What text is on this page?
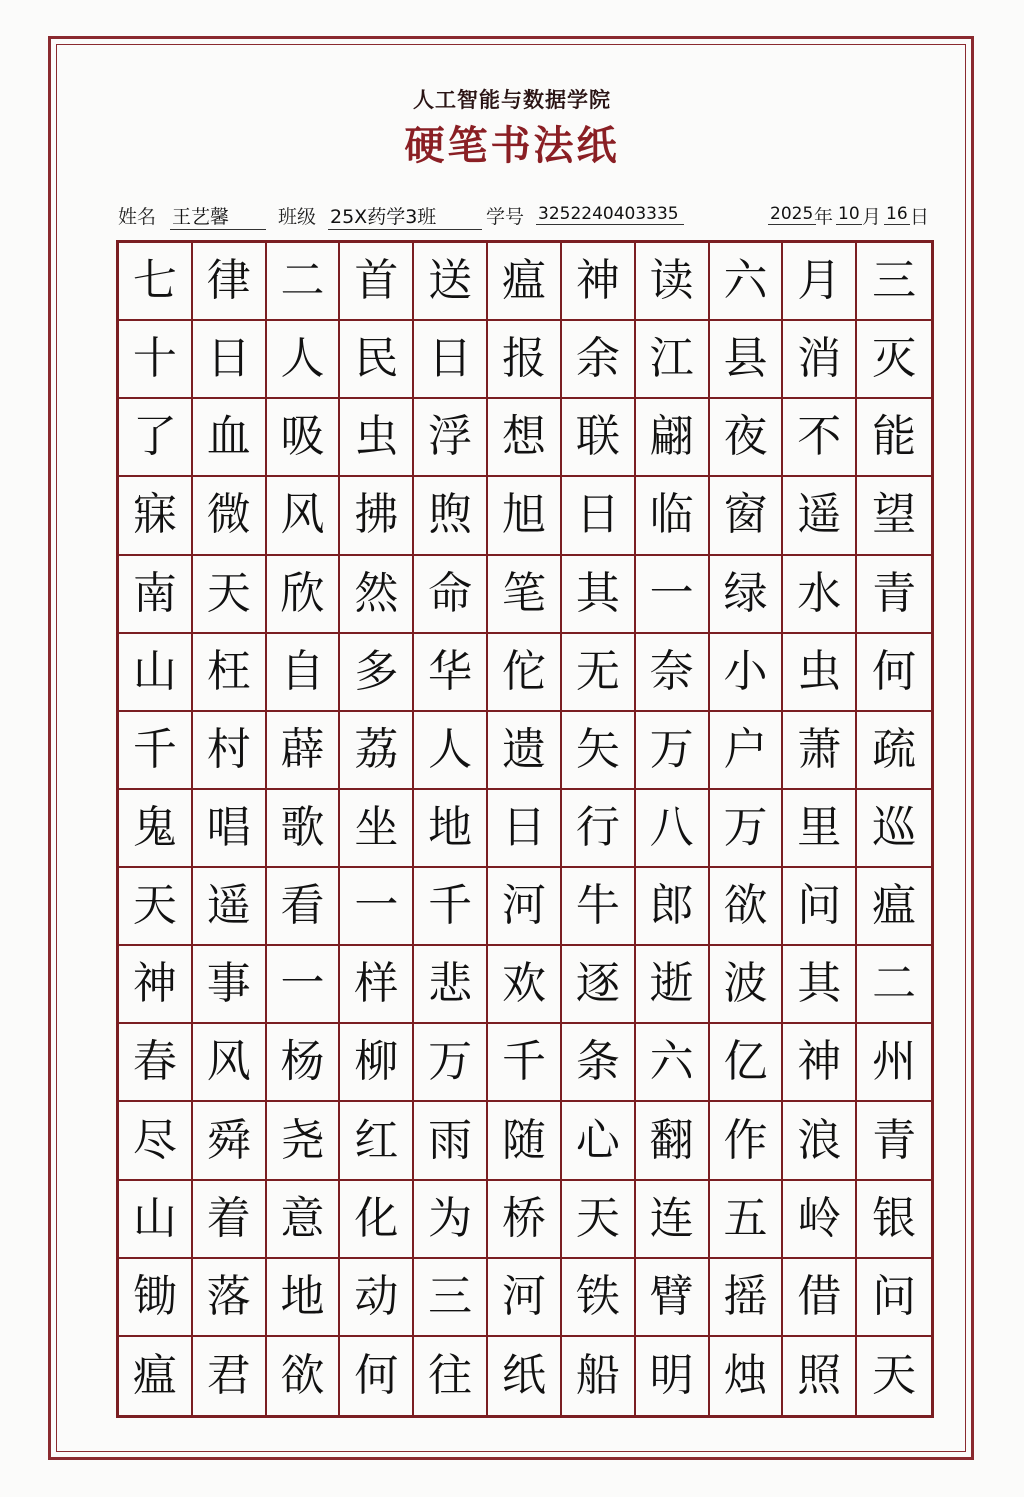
人工智能与数据学院
硬笔书法纸
姓名 王艺馨	班级 25X药学3班	学号 3252240403335	2025 年 10 月 16 日
七 律 二 首 送 瘟 神 读 六 月 三
十 日 人 民 日 报 余 江 县 消 灭
了 血 吸 虫 浮 想 联 翩 夜 不 能
寐 微 风 拂 煦 旭 日 临 窗 遥 望
南 天 欣 然 命 笔 其 一 绿 水 青
山 枉 自 多 华 佗 无 奈 小 虫 何
千 村 薜 荔 人 遗 矢 万 户 萧 疏
鬼 唱 歌 坐 地 日 行 八 万 里 巡
天 遥 看 一 千 河 牛 郎 欲 问 瘟
神 事 一 样 悲 欢 逐 逝 波 其 二
春 风 杨 柳 万 千 条 六 亿 神 州
尽 舜 尧 红 雨 随 心 翻 作 浪 青
山 着 意 化 为 桥 天 连 五 岭 银
锄 落 地 动 三 河 铁 臂 摇 借 问
瘟 君 欲 何 往 纸 船 明 烛 照 天
